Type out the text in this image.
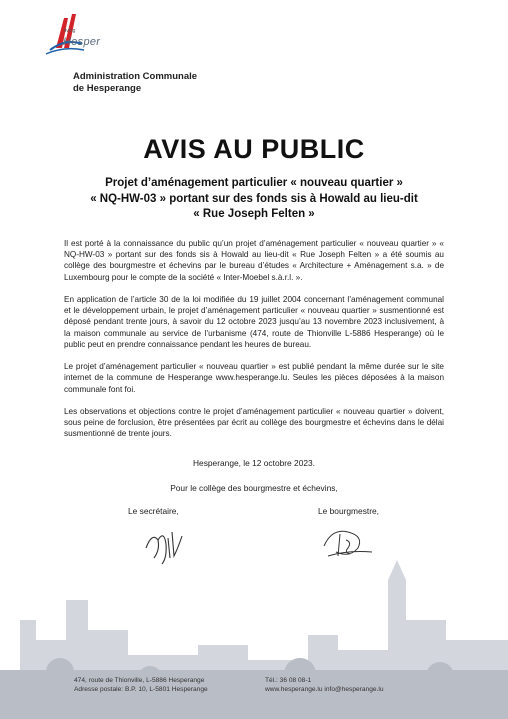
living
Hesper
Administration Communale
de Hesperange
AVIS AU PUBLIC
Projet d’aménagement particulier « nouveau quartier »
« NQ-HW-03 » portant sur des fonds sis à Howald au lieu-dit
« Rue Joseph Felten »

Il est porté à la connaissance du public qu’un projet d’aménagement particulier « nouveau quartier » « NQ-HW-03 » portant sur des fonds sis à Howald au lieu-dit « Rue Joseph Felten » a été soumis au collège des bourgmestre et échevins par le bureau d’études « Architecture + Aménagement s.a. » de Luxembourg pour le compte de la société « Inter-Moebel s.à.r.l. ».

En application de l’article 30 de la loi modifiée du 19 juillet 2004 concernant l’aménagement communal et le développement urbain, le projet d’aménagement particulier « nouveau quartier » susmentionné est déposé pendant trente jours, à savoir du 12 octobre 2023 jusqu’au 13 novembre 2023 inclusivement, à la maison communale au service de l’urbanisme (474, route de Thionville L-5886 Hesperange) où le public peut en prendre connaissance pendant les heures de bureau.

Le projet d’aménagement particulier « nouveau quartier » est publié pendant la même durée sur le site internet de la commune de Hesperange www.hesperange.lu. Seules les pièces déposées à la maison communale font foi.

Les observations et objections contre le projet d’aménagement particulier « nouveau quartier » doivent, sous peine de forclusion, être présentées par écrit au collège des bourgmestre et échevins dans le délai susmentionné de trente jours.

Hesperange, le 12 octobre 2023.
Pour le collège des bourgmestre et échevins,
Le secrétaire,	Le bourgmestre,
474, route de Thionville, L-5886 Hesperange
Adresse postale: B.P. 10, L-5801 Hesperange
Tél.: 36 08 08-1
www.hesperange.lu info@hesperange.lu
